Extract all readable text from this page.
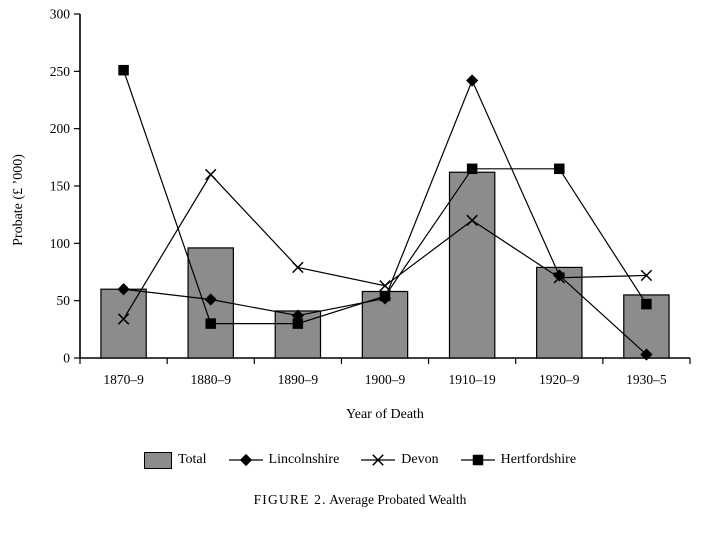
Probate (£ ’000)
0
50
100
150
200
250
300
1870–9	1880–9	1890–9	1900–9	1910–19	1920–9	1930–5
Year of Death
Total	Lincolnshire	Devon	Hertfordshire
FIGURE 2. Average Probated Wealth
